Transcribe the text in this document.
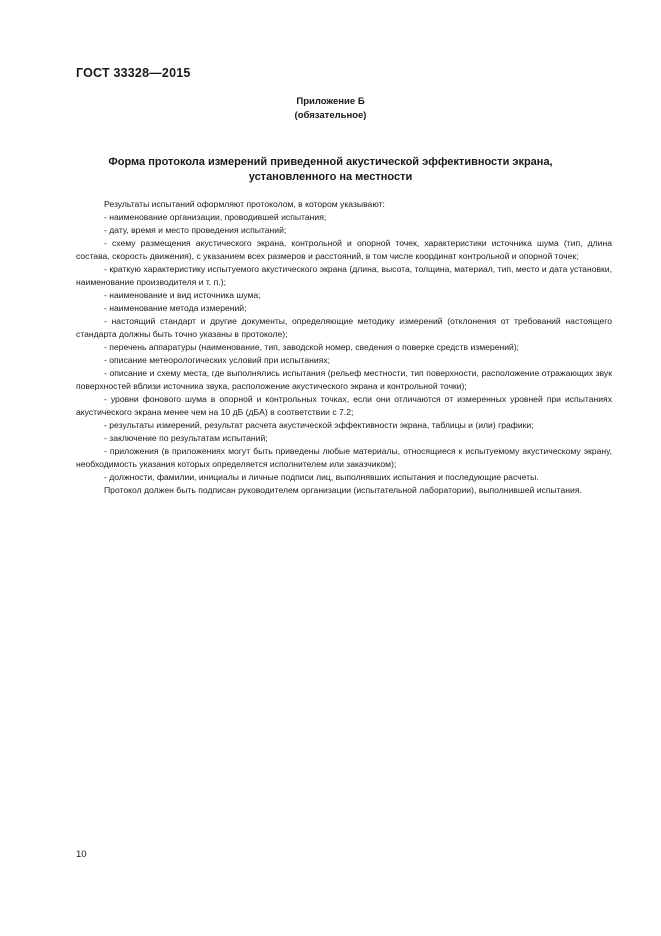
ГОСТ 33328—2015
Приложение Б
(обязательное)
Форма протокола измерений приведенной акустической эффективности экрана, установленного на местности

Результаты испытаний оформляют протоколом, в котором указывают:

- наименование организации, проводившей испытания;

- дату, время и место проведения испытаний;

- схему размещения акустического экрана, контрольной и опорной точек, характеристики источника шума (тип, длина состава, скорость движения), с указанием всех размеров и расстояний, в том числе координат контрольной и опорной точек;

- краткую характеристику испытуемого акустического экрана (длина, высота, толщина, материал, тип, место и дата установки, наименование производителя и т. п.);

- наименование и вид источника шума;

- наименование метода измерений;

- настоящий стандарт и другие документы, определяющие методику измерений (отклонения от требований настоящего стандарта должны быть точно указаны в протоколе);

- перечень аппаратуры (наименование, тип, заводской номер, сведения о поверке средств измерений);

- описание метеорологических условий при испытаниях;

- описание и схему места, где выполнялись испытания (рельеф местности, тип поверхности, расположение отражающих звук поверхностей вблизи источника звука, расположение акустического экрана и контрольной точки);

- уровни фонового шума в опорной и контрольных точках, если они отличаются от измеренных уровней при испытаниях акустического экрана менее чем на 10 дБ (дБA) в соответствии с 7.2;

- результаты измерений, результат расчета акустической эффективности экрана, таблицы и (или) графики;

- заключение по результатам испытаний;

- приложения (в приложениях могут быть приведены любые материалы, относящиеся к испытуемому акустическому экрану, необходимость указания которых определяется исполнителем или заказчиком);

- должности, фамилии, инициалы и личные подписи лиц, выполнявших испытания и последующие расчеты.

Протокол должен быть подписан руководителем организации (испытательной лаборатории), выполнившей испытания.

10
